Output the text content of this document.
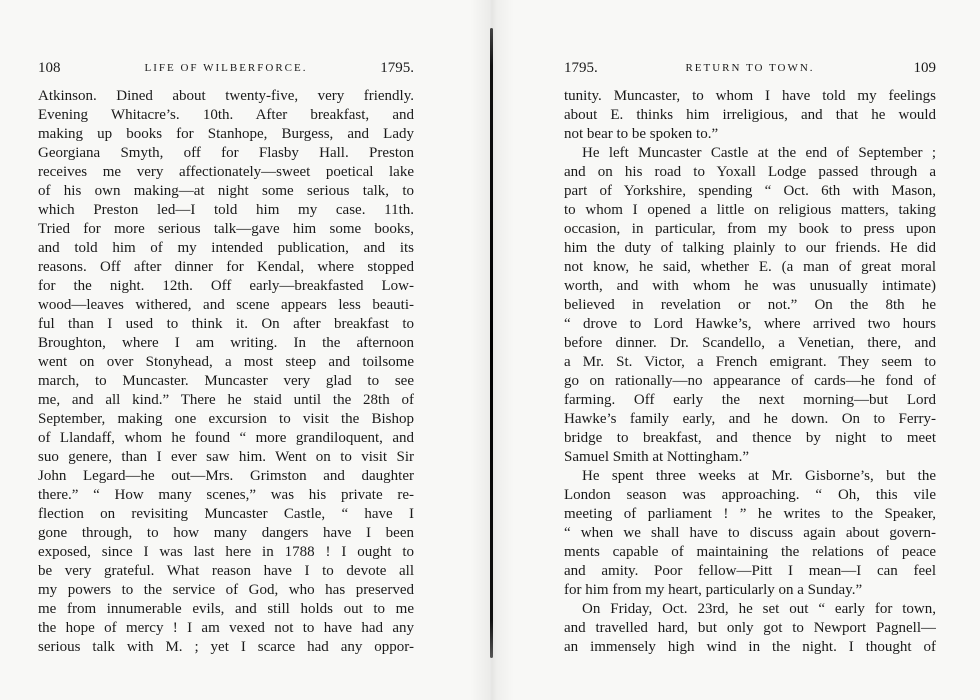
108	LIFE OF WILBERFORCE.	1795.
Atkinson. Dined about twenty-five, very friendly.
Evening Whitacre’s. 10th. After breakfast, and
making up books for Stanhope, Burgess, and Lady
Georgiana Smyth, off for Flasby Hall. Preston
receives me very affectionately—sweet poetical lake
of his own making—at night some serious talk, to
which Preston led—I told him my case. 11th.
Tried for more serious talk—gave him some books,
and told him of my intended publication, and its
reasons. Off after dinner for Kendal, where stopped
for the night. 12th. Off early—breakfasted Low-
wood—leaves withered, and scene appears less beauti-
ful than I used to think it. On after breakfast to
Broughton, where I am writing. In the afternoon
went on over Stonyhead, a most steep and toilsome
march, to Muncaster. Muncaster very glad to see
me, and all kind.” There he staid until the 28th of
September, making one excursion to visit the Bishop
of Llandaff, whom he found “ more grandiloquent, and
suo genere, than I ever saw him. Went on to visit Sir
John Legard—he out—Mrs. Grimston and daughter
there.” “ How many scenes,” was his private re-
flection on revisiting Muncaster Castle, “ have I
gone through, to how many dangers have I been
exposed, since I was last here in 1788 ! I ought to
be very grateful. What reason have I to devote all
my powers to the service of God, who has preserved
me from innumerable evils, and still holds out to me
the hope of mercy ! I am vexed not to have had any
serious talk with M. ; yet I scarce had any oppor-
1795.	RETURN TO TOWN.	109
tunity. Muncaster, to whom I have told my feelings
about E. thinks him irreligious, and that he would
not bear to be spoken to.”
He left Muncaster Castle at the end of September ;
and on his road to Yoxall Lodge passed through a
part of Yorkshire, spending “ Oct. 6th with Mason,
to whom I opened a little on religious matters, taking
occasion, in particular, from my book to press upon
him the duty of talking plainly to our friends. He did
not know, he said, whether E. (a man of great moral
worth, and with whom he was unusually intimate)
believed in revelation or not.” On the 8th he
“ drove to Lord Hawke’s, where arrived two hours
before dinner. Dr. Scandello, a Venetian, there, and
a Mr. St. Victor, a French emigrant. They seem to
go on rationally—no appearance of cards—he fond of
farming. Off early the next morning—but Lord
Hawke’s family early, and he down. On to Ferry-
bridge to breakfast, and thence by night to meet
Samuel Smith at Nottingham.”
He spent three weeks at Mr. Gisborne’s, but the
London season was approaching. “ Oh, this vile
meeting of parliament ! ” he writes to the Speaker,
“ when we shall have to discuss again about govern-
ments capable of maintaining the relations of peace
and amity. Poor fellow—Pitt I mean—I can feel
for him from my heart, particularly on a Sunday.”
On Friday, Oct. 23rd, he set out “ early for town,
and travelled hard, but only got to Newport Pagnell—
an immensely high wind in the night. I thought of
